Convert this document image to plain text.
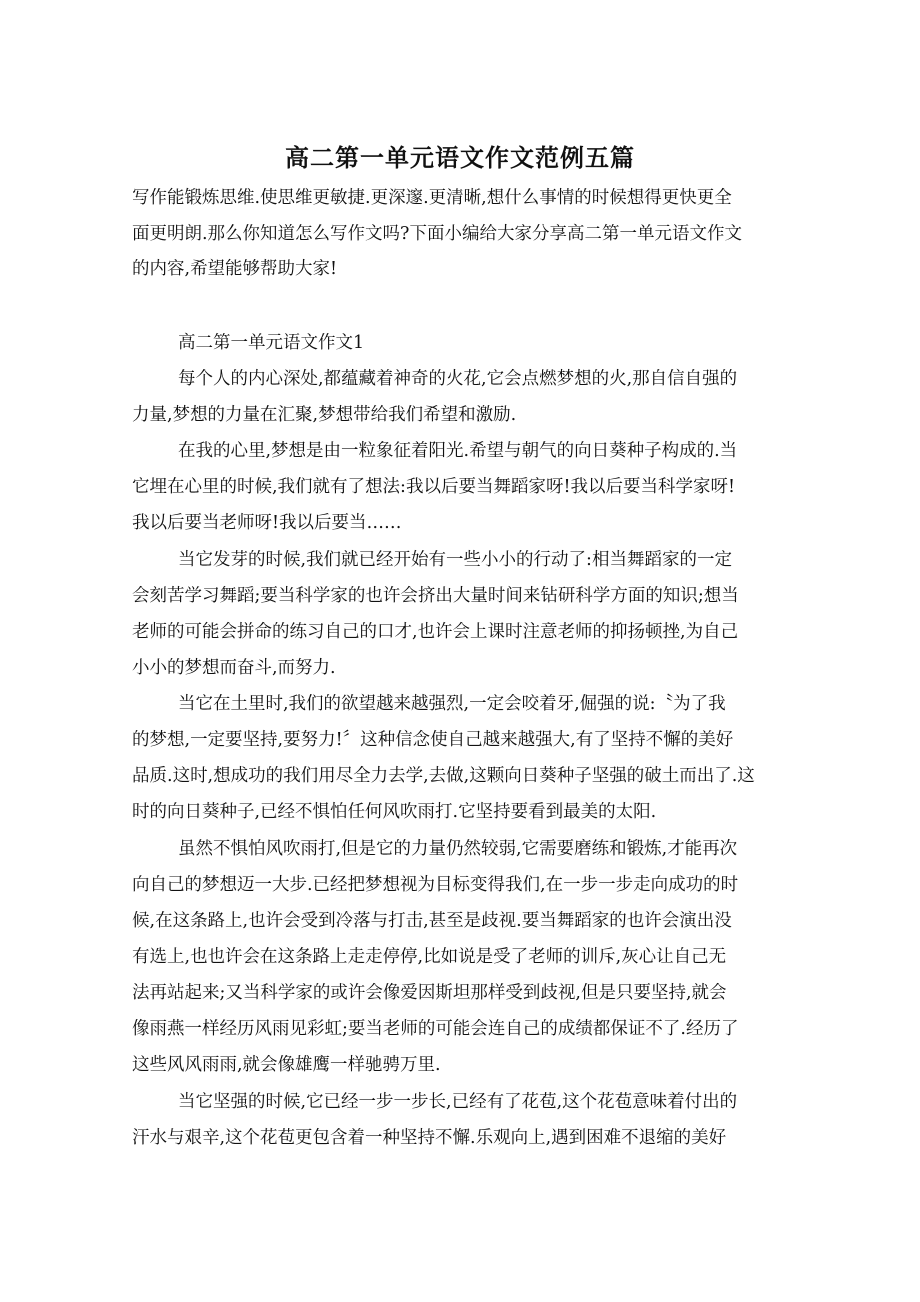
高二第一单元语文作文范例五篇
写作能锻炼思维.使思维更敏捷.更深邃.更清晰,想什么事情的时候想得更快更全
面更明朗.那么你知道怎么写作文吗?下面小编给大家分享高二第一单元语文作文
的内容,希望能够帮助大家!
高二第一单元语文作文1
每个人的内心深处,都蕴藏着神奇的火花,它会点燃梦想的火,那自信自强的
力量,梦想的力量在汇聚,梦想带给我们希望和激励.
在我的心里,梦想是由一粒象征着阳光.希望与朝气的向日葵种子构成的.当
它埋在心里的时候,我们就有了想法:我以后要当舞蹈家呀!我以后要当科学家呀!
我以后要当老师呀!我以后要当……
当它发芽的时候,我们就已经开始有一些小小的行动了:相当舞蹈家的一定
会刻苦学习舞蹈;要当科学家的也许会挤出大量时间来钻研科学方面的知识;想当
老师的可能会拼命的练习自己的口才,也许会上课时注意老师的抑扬顿挫,为自己
小小的梦想而奋斗,而努力.
当它在土里时,我们的欲望越来越强烈,一定会咬着牙,倔强的说:〝为了我
的梦想,一定要坚持,要努力!〞这种信念使自己越来越强大,有了坚持不懈的美好
品质.这时,想成功的我们用尽全力去学,去做,这颗向日葵种子坚强的破土而出了.这
时的向日葵种子,已经不惧怕任何风吹雨打.它坚持要看到最美的太阳.
虽然不惧怕风吹雨打,但是它的力量仍然较弱,它需要磨练和锻炼,才能再次
向自己的梦想迈一大步.已经把梦想视为目标变得我们,在一步一步走向成功的时
候,在这条路上,也许会受到冷落与打击,甚至是歧视.要当舞蹈家的也许会演出没
有选上,也也许会在这条路上走走停停,比如说是受了老师的训斥,灰心让自己无
法再站起来;又当科学家的或许会像爱因斯坦那样受到歧视,但是只要坚持,就会
像雨燕一样经历风雨见彩虹;要当老师的可能会连自己的成绩都保证不了.经历了
这些风风雨雨,就会像雄鹰一样驰骋万里.
当它坚强的时候,它已经一步一步长,已经有了花苞,这个花苞意味着付出的
汗水与艰辛,这个花苞更包含着一种坚持不懈.乐观向上,遇到困难不退缩的美好
